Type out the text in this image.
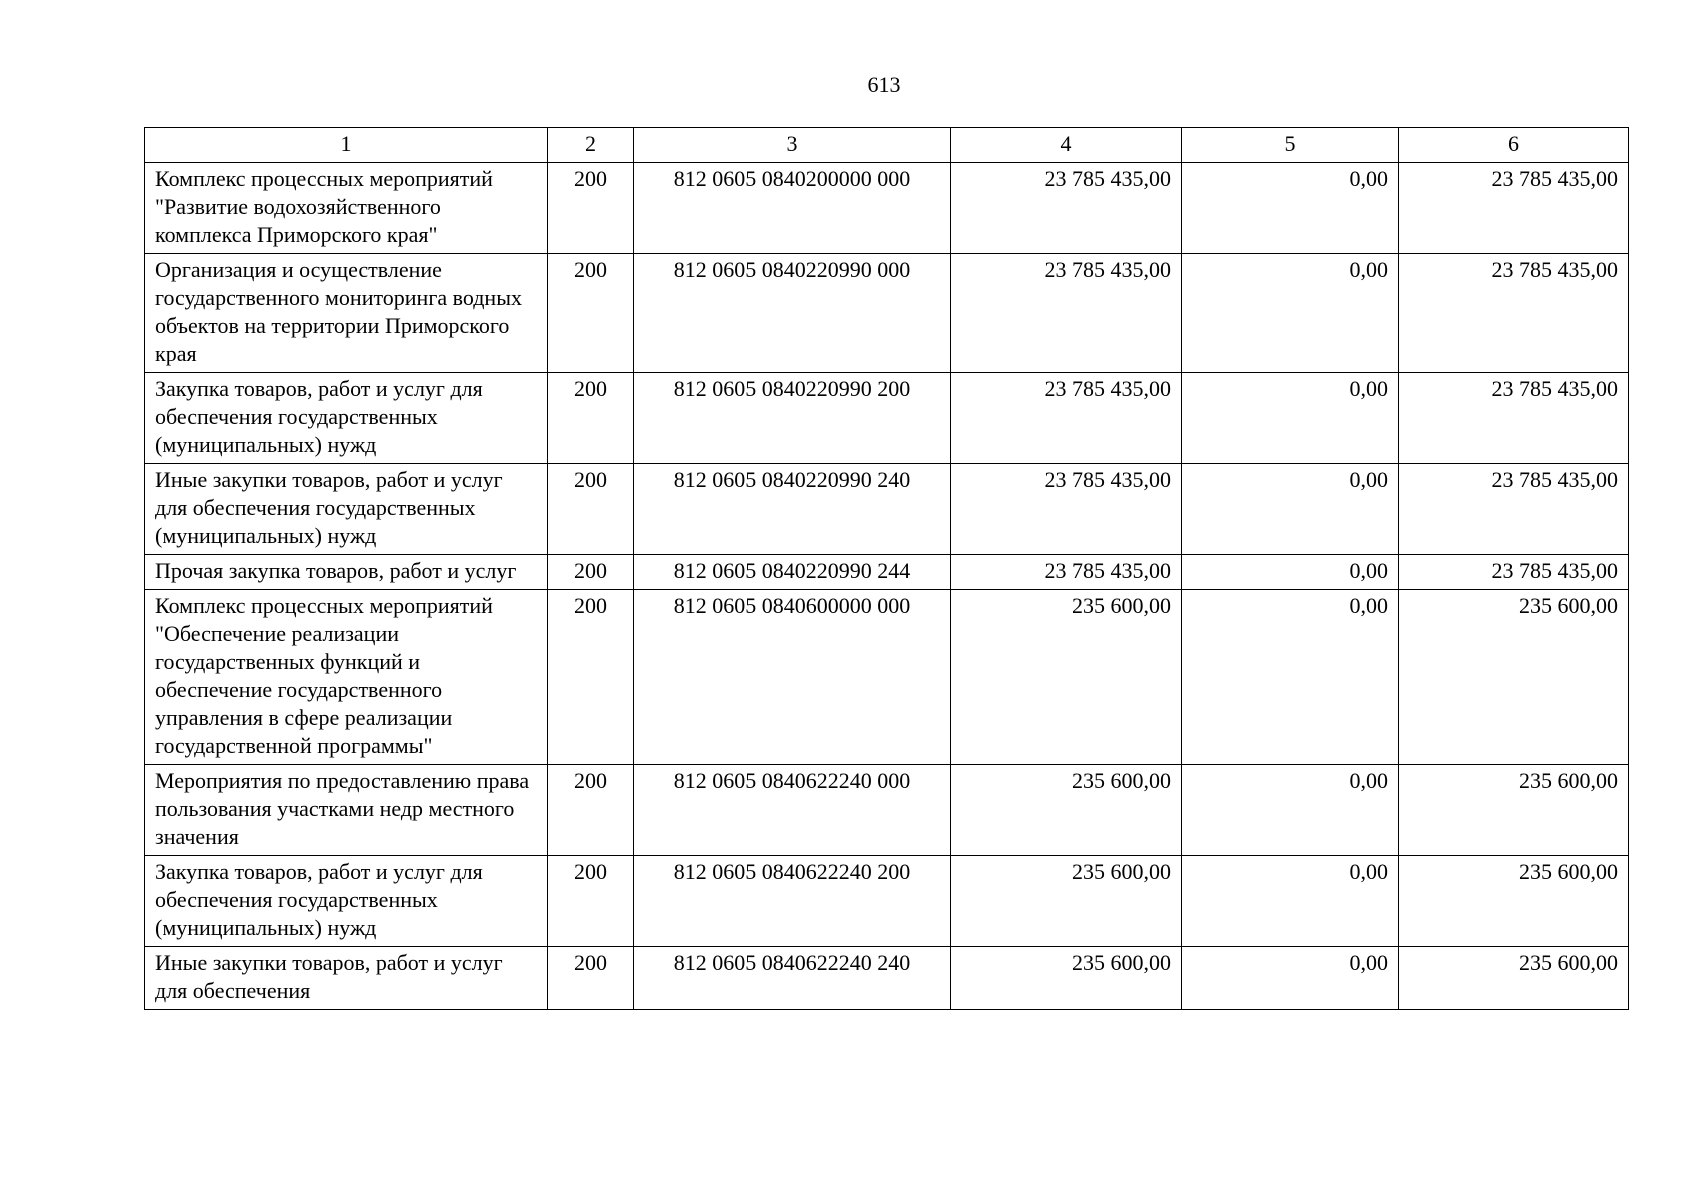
613
1	2	3	4	5	6
Комплекс процессных мероприятий "Развитие водохозяйственного комплекса Приморского края"	200	812 0605 0840200000 000	23 785 435,00	0,00	23 785 435,00
Организация и осуществление государственного мониторинга водных объектов на территории Приморского края	200	812 0605 0840220990 000	23 785 435,00	0,00	23 785 435,00
Закупка товаров, работ и услуг для обеспечения государственных (муниципальных) нужд	200	812 0605 0840220990 200	23 785 435,00	0,00	23 785 435,00
Иные закупки товаров, работ и услуг для обеспечения государственных (муниципальных) нужд	200	812 0605 0840220990 240	23 785 435,00	0,00	23 785 435,00
Прочая закупка товаров, работ и услуг	200	812 0605 0840220990 244	23 785 435,00	0,00	23 785 435,00
Комплекс процессных мероприятий "Обеспечение реализации государственных функций и обеспечение государственного управления в сфере реализации государственной программы"	200	812 0605 0840600000 000	235 600,00	0,00	235 600,00
Мероприятия по предоставлению права пользования участками недр местного значения	200	812 0605 0840622240 000	235 600,00	0,00	235 600,00
Закупка товаров, работ и услуг для обеспечения государственных (муниципальных) нужд	200	812 0605 0840622240 200	235 600,00	0,00	235 600,00
Иные закупки товаров, работ и услуг для обеспечения	200	812 0605 0840622240 240	235 600,00	0,00	235 600,00
